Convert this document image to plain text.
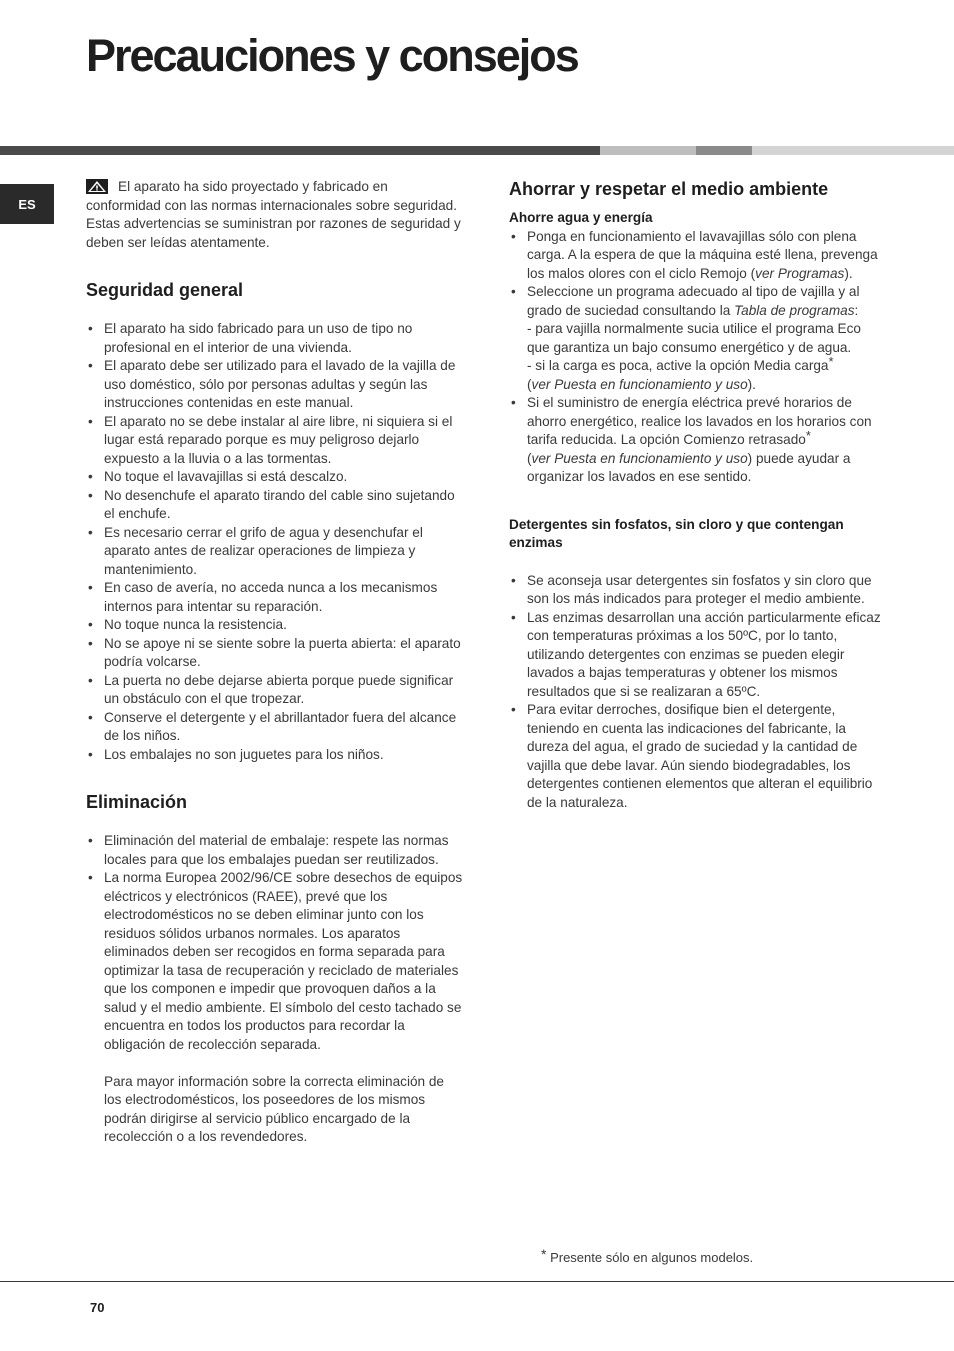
Precauciones y consejos
ES

El aparato ha sido proyectado y fabricado en conformidad con las normas internacionales sobre seguridad. Estas advertencias se suministran por razones de seguridad y deben ser leídas atentamente.

Seguridad general
• El aparato ha sido fabricado para un uso de tipo no profesional en el interior de una vivienda.
• El aparato debe ser utilizado para el lavado de la vajilla de uso doméstico, sólo por personas adultas y según las instrucciones contenidas en este manual.
• El aparato no se debe instalar al aire libre, ni siquiera si el lugar está reparado porque es muy peligroso dejarlo expuesto a la lluvia o a las tormentas.
• No toque el lavavajillas si está descalzo.
• No desenchufe el aparato tirando del cable sino sujetando el enchufe.
• Es necesario cerrar el grifo de agua y desenchufar el aparato antes de realizar operaciones de limpieza y mantenimiento.
• En caso de avería, no acceda nunca a los mecanismos internos para intentar su reparación.
• No toque nunca la resistencia.
• No se apoye ni se siente sobre la puerta abierta: el aparato podría volcarse.
• La puerta no debe dejarse abierta porque puede significar un obstáculo con el que tropezar.
• Conserve el detergente y el abrillantador fuera del alcance de los niños.
• Los embalajes no son juguetes para los niños.
Eliminación
• Eliminación del material de embalaje: respete las normas locales para que los embalajes puedan ser reutilizados.
• La norma Europea 2002/96/CE sobre desechos de equipos eléctricos y electrónicos (RAEE), prevé que los electrodomésticos no se deben eliminar junto con los residuos sólidos urbanos normales. Los aparatos eliminados deben ser recogidos en forma separada para optimizar la tasa de recuperación y reciclado de materiales que los componen e impedir que provoquen daños a la salud y el medio ambiente. El símbolo del cesto tachado se encuentra en todos los productos para recordar la obligación de recolección separada.
Para mayor información sobre la correcta eliminación de los electrodomésticos, los poseedores de los mismos podrán dirigirse al servicio público encargado de la recolección o a los revendedores.
Ahorrar y respetar el medio ambiente
Ahorre agua y energía
• Ponga en funcionamiento el lavavajillas sólo con plena carga. A la espera de que la máquina esté llena, prevenga los malos olores con el ciclo Remojo (ver Programas).
• Seleccione un programa adecuado al tipo de vajilla y al grado de suciedad consultando la Tabla de programas:
- para vajilla normalmente sucia utilice el programa Eco que garantiza un bajo consumo energético y de agua.
- si la carga es poca, active la opción Media carga*
(ver Puesta en funcionamiento y uso).
• Si el suministro de energía eléctrica prevé horarios de ahorro energético, realice los lavados en los horarios con tarifa reducida. La opción Comienzo retrasado*
(ver Puesta en funcionamiento y uso) puede ayudar a organizar los lavados en ese sentido.
Detergentes sin fosfatos, sin cloro y que contengan enzimas
• Se aconseja usar detergentes sin fosfatos y sin cloro que son los más indicados para proteger el medio ambiente.
• Las enzimas desarrollan una acción particularmente eficaz con temperaturas próximas a los 50ºC, por lo tanto, utilizando detergentes con enzimas se pueden elegir lavados a bajas temperaturas y obtener los mismos resultados que si se realizaran a 65ºC.
• Para evitar derroches, dosifique bien el detergente, teniendo en cuenta las indicaciones del fabricante, la dureza del agua, el grado de suciedad y la cantidad de vajilla que debe lavar. Aún siendo biodegradables, los detergentes contienen elementos que alteran el equilibrio de la naturaleza.
* Presente sólo en algunos modelos.
70
